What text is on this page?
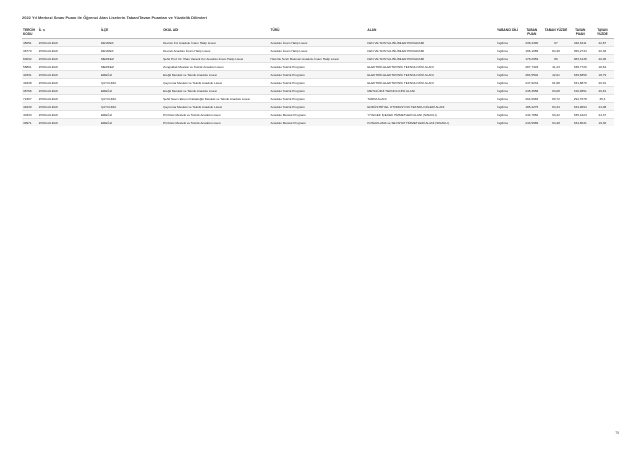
2022 Yıl Merkezi Sınav Puanı ile Öğrenci Alan Liselerin Taban/Tavan Puanları ve Yüzdelik Dilimleri
TERCİH KODU	İL⇅	İLÇE	OKUL ADI	TÜRÜ	ALAN	YABANCI DİLİ	TABAN PUAN	TABAN YÜZDE	TAVAN PUAN	TAVAN YÜZDE
45051	ZONGULDAK	DEVREK	Devrek Kız Anadolu İmam Hatip Lisesi	Anadolu İmam Hatip Lisesi	FEN VE SOSYAL BİLİMLER PROGRAMI	İngilizce	238,4390	67	340,6411	22,87
38770	ZONGULDAK	DEVREK	Devrek Anadolu İmam Hatip Lisesi	Anadolu İmam Hatip Lisesi	FEN VE SOSYAL BİLİMLER PROGRAMI	İngilizce	196,1089	84,46	350,2734	20,36
60032	ZONGULDAK	MERKEZ	Şehit Prof. Dr. İlhan Varank Kız Anadolu İmam Hatip Lisesi	Hazırlık Sınıfı Bulunan Anadolu İmam Hatip Lisesi	FEN VE SOSYAL BİLİMLER PROGRAMI	İngilizce	178,2959	86	383,3138	20,06
58801	ZONGULDAK	MERKEZ	Zonguldak Mesleki ve Teknik Anadolu Lisesi	Anadolu Teknik Programı	ELEKTRİK-ELEKTRONİK TEKNOLOJİSİ ALANI	İngilizce	287,7403	41,23	338,7726	18,81
40331	ZONGULDAK	EREĞLİ	Ereğli Mesleki ve Teknik Anadolu Lisesi	Anadolu Teknik Programı	ELEKTRİK-ELEKTRONİK TEKNOLOJİSİ ALANI	İngilizce	284,5502	42,61	339,6859	18,79
49438	ZONGULDAK	ÇAYCUMA	Çaycuma Mesleki ve Teknik Anadolu Lisesi	Anadolu Teknik Programı	ELEKTRİK-ELEKTRONİK TEKNOLOJİSİ ALANI	İngilizce	247,9234	61,88	331,8879	20,91
38796	ZONGULDAK	EREĞLİ	Ereğli Mesleki ve Teknik Anadolu Lisesi	Anadolu Teknik Programı	METALÜRJİ TEKNOLOJİSİ ALANI	İngilizce	245,3658	63,08	316,9651	26,81
72307	ZONGULDAK	ÇAYCUMA	Şehit Savcı Ekrem Kabakoğlu Mesleki ve Teknik Anadolu Lisesi	Anadolu Teknik Programı	TARIM ALANI	İngilizce	204,6683	80,72	294,7678	35,3
49430	ZONGULDAK	ÇAYCUMA	Çaycuma Mesleki ve Teknik Anadolu Lisesi	Anadolu Teknik Programı	ENDÜSTRİYEL OTOMASYON TEKNOLOJİLERİ ALANI	İngilizce	185,4275	84,34	334,9694	24,08
40333	ZONGULDAK	EREĞLİ	Piri Reis Mesleki ve Teknik Anadolu Lisesi	Anadolu Meslek Programı	YİYECEK İÇECEK HİZMETLERİ ALANI (SINAVLI)	İngilizce	244,7882	63,42	335,4424	24,37
49971	ZONGULDAK	EREĞLİ	Piri Reis Mesleki ve Teknik Anadolu Lisesi	Anadolu Meslek Programı	KONAKLAMA ve SEYAHAT HİZMETLERİ ALANI (SINAVLI)	İngilizce	243,5989	64,48	334,8031	19,30
75
